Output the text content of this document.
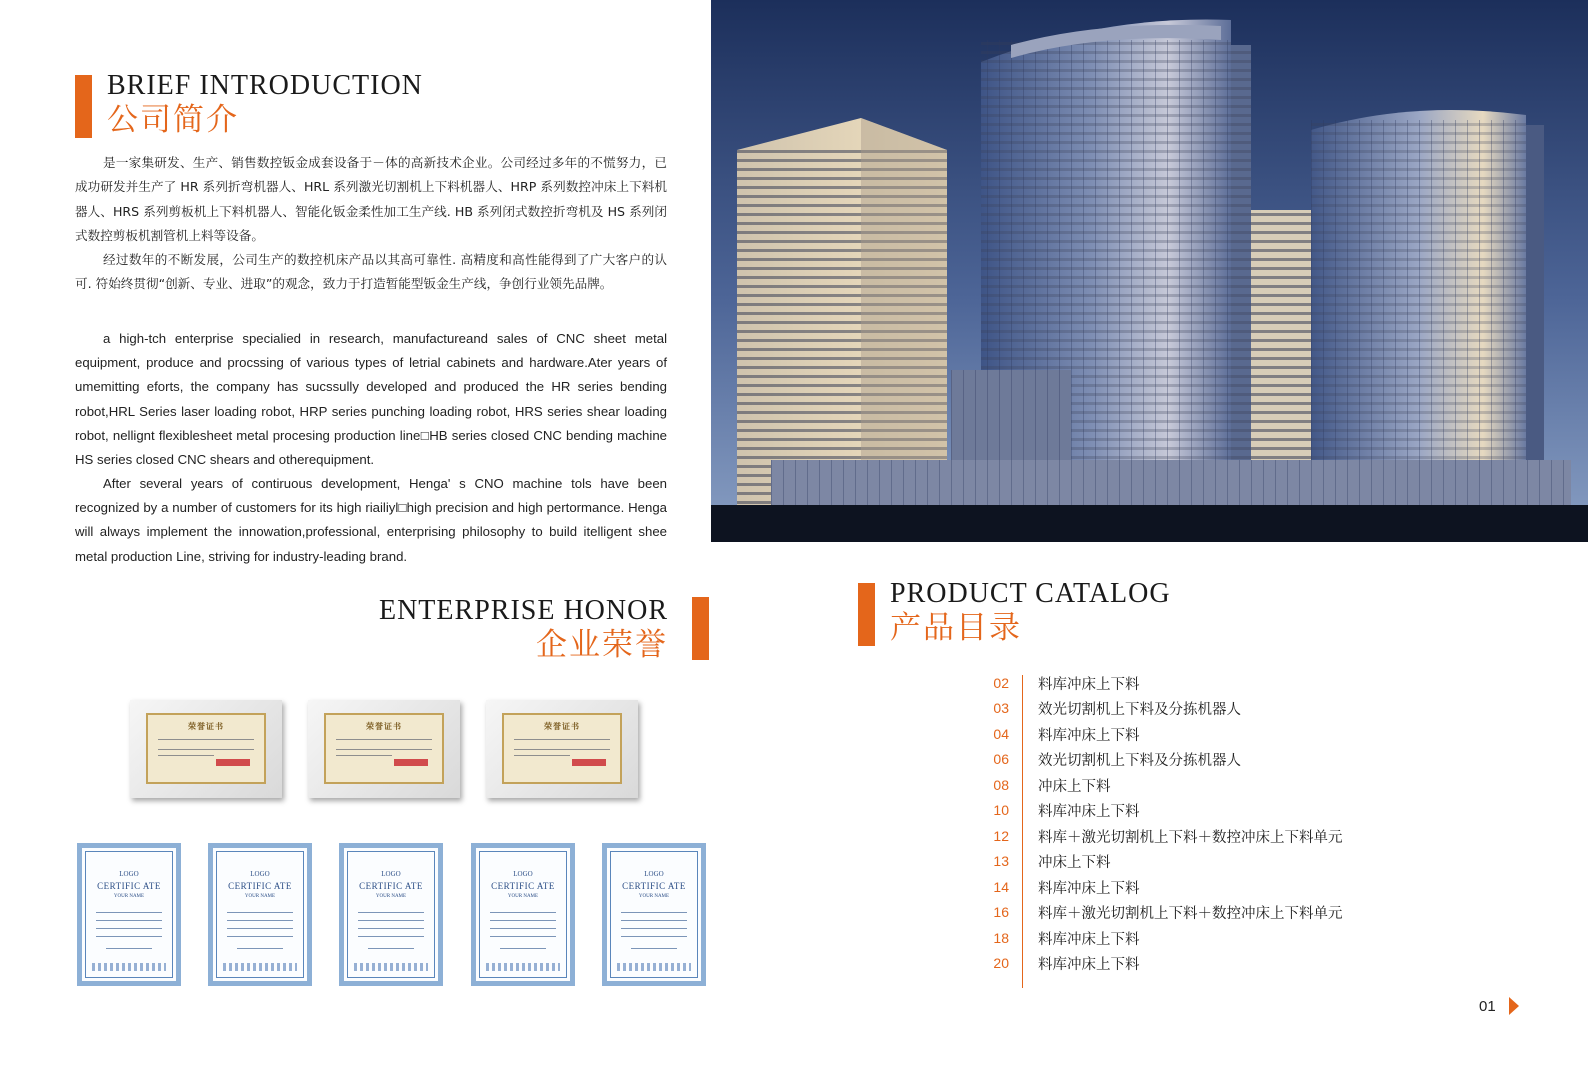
BRIEF INTRODUCTION
公司简介

是一家集研发、生产、销售数控钣金成套设备于－体的高新技术企业。公司经过多年的不慌努力，已成功研发并生产了 HR 系列折弯机器人、HRL 系列激光切割机上下料机器人、HRP 系列数控冲床上下料机器人、HRS 系列剪板机上下料机器人、智能化钣金柔性加工生产线. HB 系列闭式数控折弯机及 HS 系列闭式数控剪板机割管机上料等设备。

经过数年的不断发展，公司生产的数控机床产品以其高可靠性. 高精度和高性能得到了广大客户的认可. 符始终贯彻“创新、专业、进取”的观念，致力于打造暂能型钣金生产线，争创行业领先品牌。

a high-tch enterprise specialied in research, manufactureand sales of CNC sheet metal equipment, produce and procssing of various types of letrial cabinets and hardware.Ater years of umemitting eforts, the company has sucssully developed and produced the HR series bending robot,HRL Series laser loading robot, HRP series punching loading robot, HRS series shear loading robot, nellignt flexiblesheet metal procesing production line□HB series closed CNC bending machine HS series closed CNC shears and otherequipment.

After several years of contiruous development, Henga' s CNO machine tols have been recognized by a number of customers for its high riailiyl□high precision and high pertormance. Henga will always implement the innowation,professional, enterprising philosophy to build itelligent shee metal production Line, striving for industry-leading brand.

ENTERPRISE HONOR
企业荣誉
荣誉证书	荣誉证书	荣誉证书
LOGO
CERTIFIC ATE
YOUR NAME
LOGO
CERTIFIC ATE
YOUR NAME
LOGO
CERTIFIC ATE
YOUR NAME
LOGO
CERTIFIC ATE
YOUR NAME
LOGO
CERTIFIC ATE
YOUR NAME
PRODUCT CATALOG
产品目录
02 料库冲床上下料
03 效光切割机上下料及分拣机器人
04 料库冲床上下料
06 效光切割机上下料及分拣机器人
08 冲床上下料
10 料库冲床上下料
12 料库＋激光切割机上下料＋数控冲床上下料单元
13 冲床上下料
14 料库冲床上下料
16 料库＋激光切割机上下料＋数控冲床上下料单元
18 料库冲床上下料
20 料库冲床上下料
01
